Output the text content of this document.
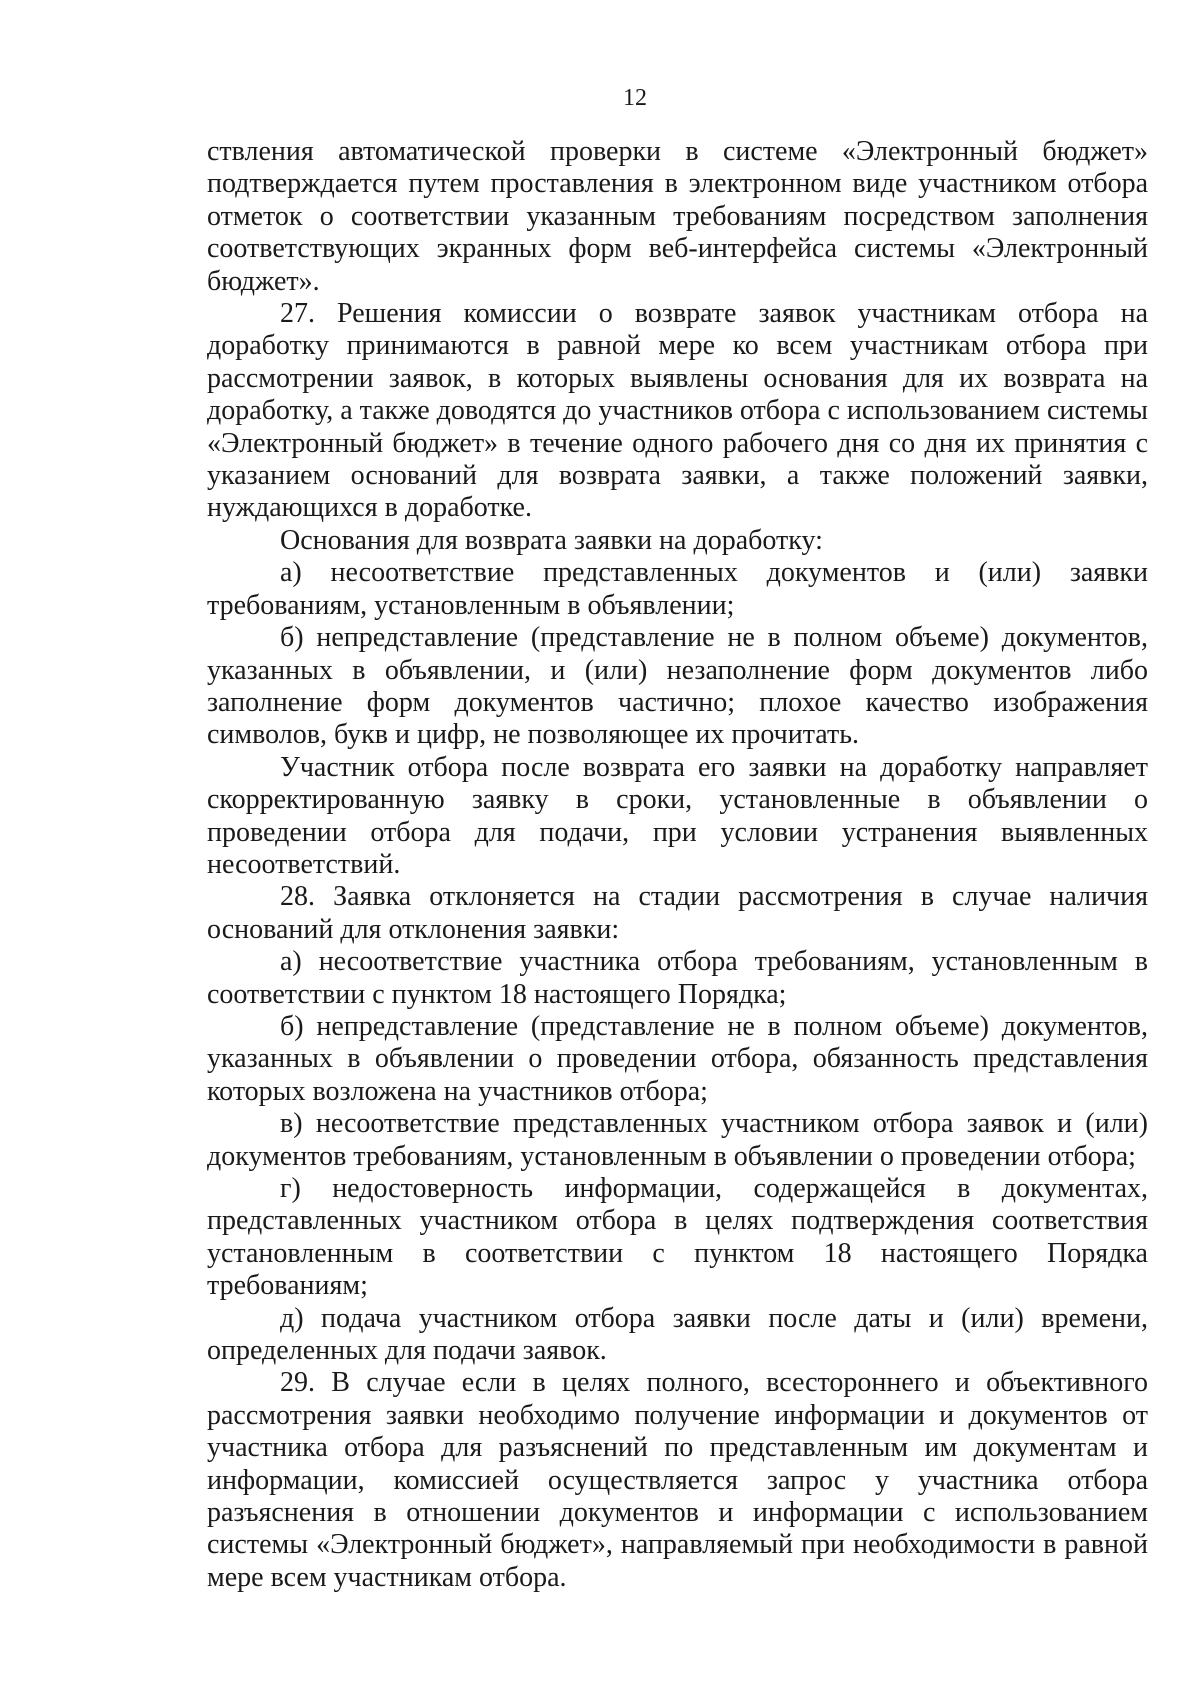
12

ствления автоматической проверки в системе «Электронный бюджет» подтверждается путем проставления в электронном виде участником отбора отметок о соответствии указанным требованиям посредством заполнения соответствующих экранных форм веб-интерфейса системы «Электронный бюджет».

27. Решения комиссии о возврате заявок участникам отбора на доработку принимаются в равной мере ко всем участникам отбора при рассмотрении заявок, в которых выявлены основания для их возврата на доработку, а также доводятся до участников отбора с использованием системы «Электронный бюджет» в течение одного рабочего дня со дня их принятия с указанием оснований для возврата заявки, а также положений заявки, нуждающихся в доработке.

Основания для возврата заявки на доработку:

а) несоответствие представленных документов и (или) заявки требованиям, установленным в объявлении;

б) непредставление (представление не в полном объеме) документов, указанных в объявлении, и (или) незаполнение форм документов либо заполнение форм документов частично; плохое качество изображения символов, букв и цифр, не позволяющее их прочитать.

Участник отбора после возврата его заявки на доработку направляет скорректированную заявку в сроки, установленные в объявлении о проведении отбора для подачи, при условии устранения выявленных несоответствий.

28. Заявка отклоняется на стадии рассмотрения в случае наличия оснований для отклонения заявки:

а) несоответствие участника отбора требованиям, установленным в соответствии с пунктом 18 настоящего Порядка;

б) непредставление (представление не в полном объеме) документов, указанных в объявлении о проведении отбора, обязанность представления которых возложена на участников отбора;

в) несоответствие представленных участником отбора заявок и (или) документов требованиям, установленным в объявлении о проведении отбора;

г) недостоверность информации, содержащейся в документах, представленных участником отбора в целях подтверждения соответствия установленным в соответствии с пунктом 18 настоящего Порядка требованиям;

д) подача участником отбора заявки после даты и (или) времени, определенных для подачи заявок.

29. В случае если в целях полного, всестороннего и объективного рассмотрения заявки необходимо получение информации и документов от участника отбора для разъяснений по представленным им документам и информации, комиссией осуществляется запрос у участника отбора разъяснения в отношении документов и информации с использованием системы «Электронный бюджет», направляемый при необходимости в равной мере всем участникам отбора.
